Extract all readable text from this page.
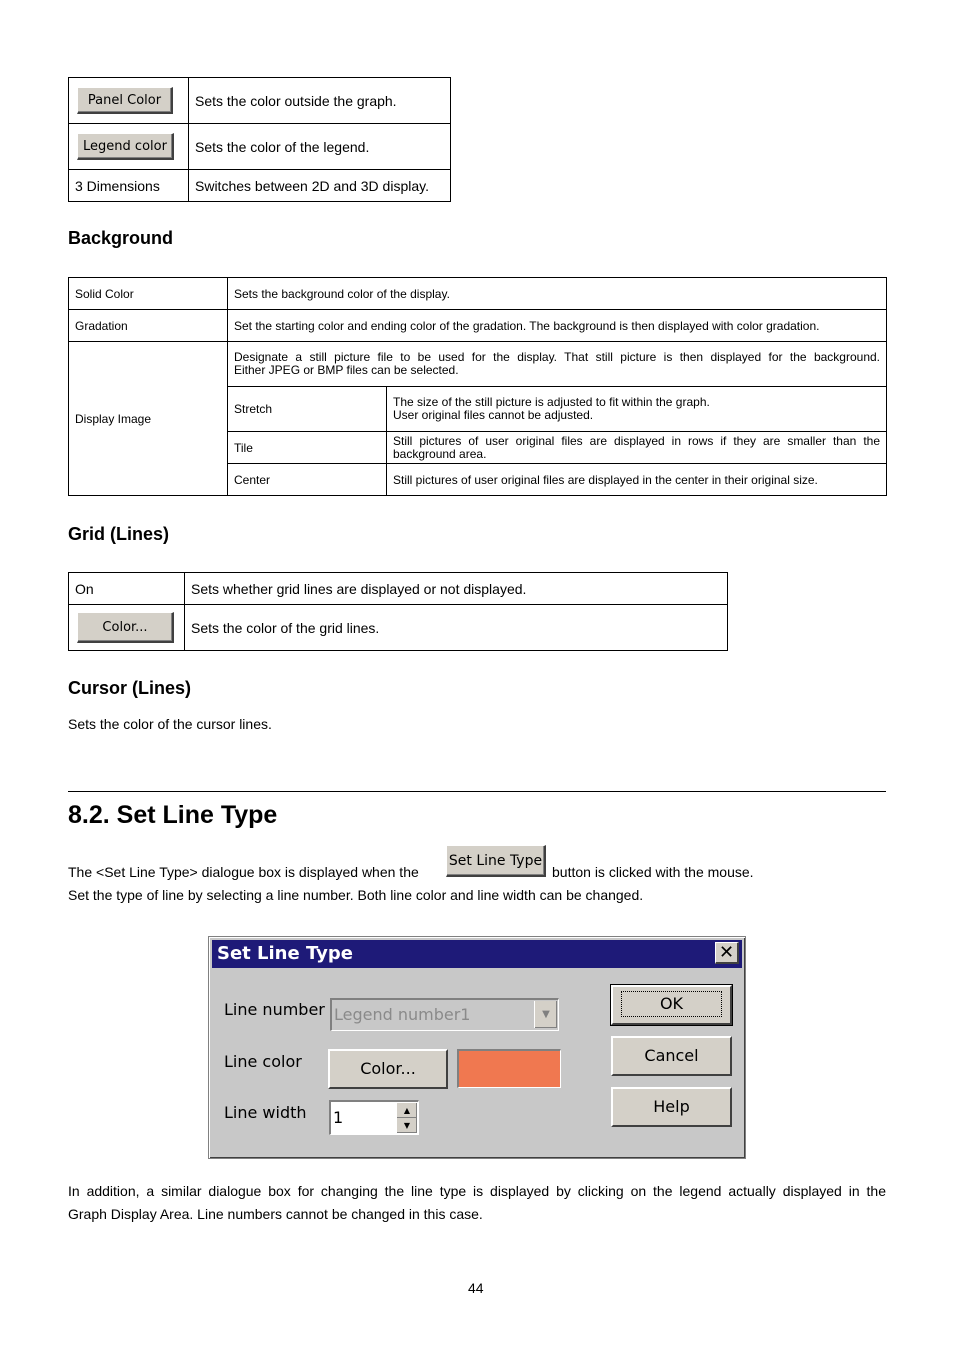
Panel Color	Sets the color outside the graph.
Legend color	Sets the color of the legend.
3 Dimensions	Switches between 2D and 3D display.
Background
Solid Color	Sets the background color of the display.	
Gradation	Set the starting color and ending color of the gradation. The background is then displayed with color gradation.	
Display Image	Designate a still picture file to be used for the display. That still picture is then displayed for the background.
Either JPEG or BMP files can be selected.	

	Stretch	The size of the still picture is adjusted to fit within the graph.
User original files cannot be adjusted.

	Tile	Still pictures of user original files are displayed in rows if they are smaller than the
background area.

	Center	Still pictures of user original files are displayed in the center in their original size.
Grid (Lines)
On	Sets whether grid lines are displayed or not displayed.
Color...	Sets the color of the grid lines.
Cursor (Lines)
Sets the color of the cursor lines.
8.2. Set Line Type
The <Set Line Type> dialogue box is displayed when the
Set Line Type
button is clicked with the mouse.
Set the type of line by selecting a line number. Both line color and line width can be changed.
Set Line Type	✕
Line number Legend number1	▼
Line color	Color...
Line width 1	▲
▼
OK
Cancel
Help
In addition, a similar dialogue box for changing the line type is displayed by clicking on the legend actually displayed in the
Graph Display Area. Line numbers cannot be changed in this case.
44
